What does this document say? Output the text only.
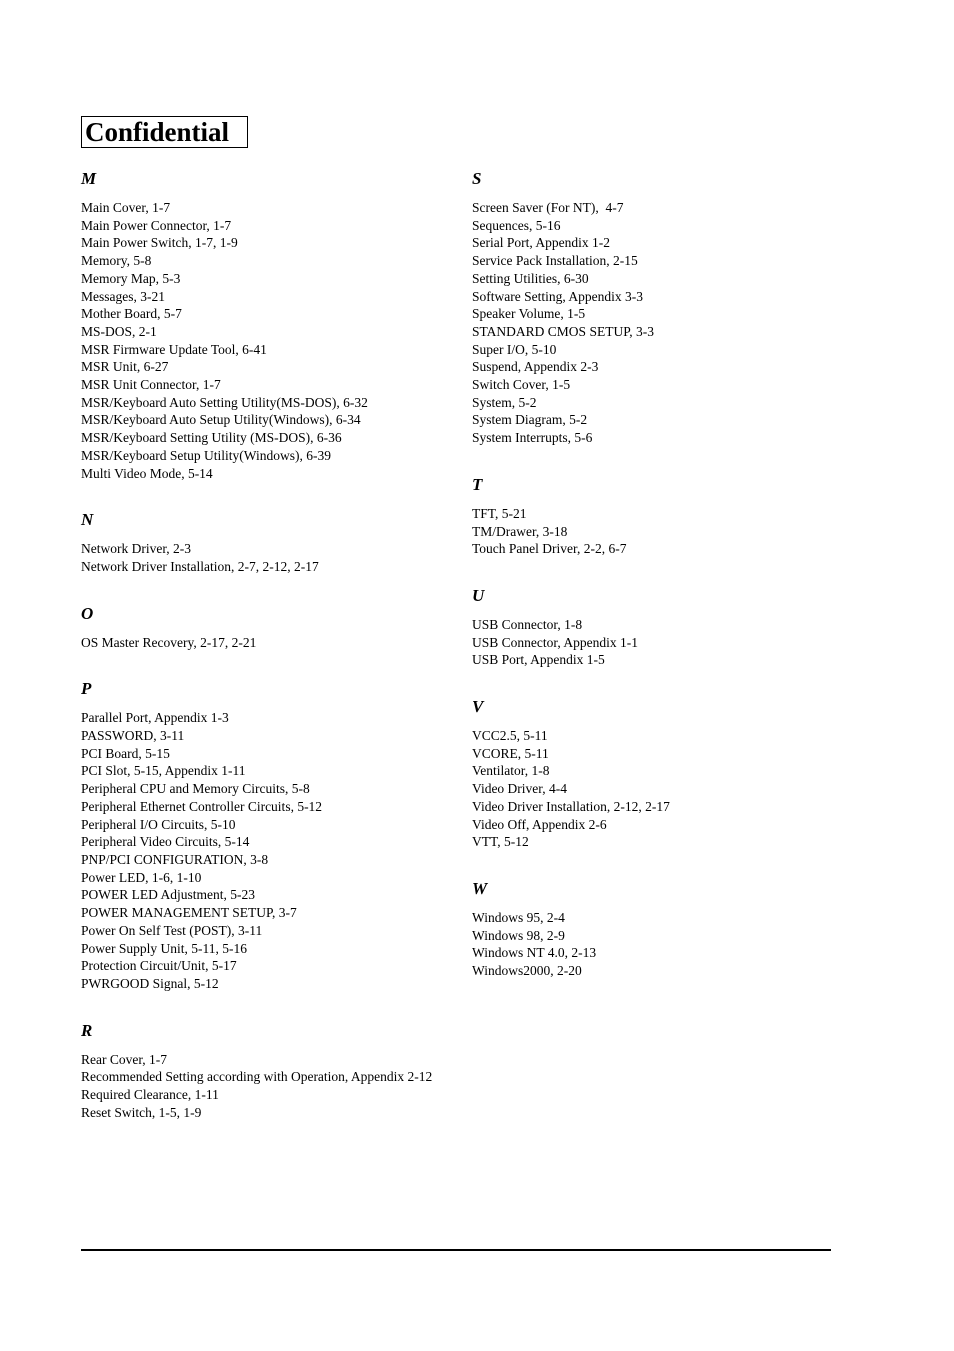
Confidential
M
Main Cover, 1-7
Main Power Connector, 1-7
Main Power Switch, 1-7, 1-9
Memory, 5-8
Memory Map, 5-3
Messages, 3-21
Mother Board, 5-7
MS-DOS, 2-1
MSR Firmware Update Tool, 6-41
MSR Unit, 6-27
MSR Unit Connector, 1-7
MSR/Keyboard Auto Setting Utility(MS-DOS), 6-32
MSR/Keyboard Auto Setup Utility(Windows), 6-34
MSR/Keyboard Setting Utility (MS-DOS), 6-36
MSR/Keyboard Setup Utility(Windows), 6-39
Multi Video Mode, 5-14
N
Network Driver, 2-3
Network Driver Installation, 2-7, 2-12, 2-17
O
OS Master Recovery, 2-17, 2-21
P
Parallel Port, Appendix 1-3
PASSWORD, 3-11
PCI Board, 5-15
PCI Slot, 5-15, Appendix 1-11
Peripheral CPU and Memory Circuits, 5-8
Peripheral Ethernet Controller Circuits, 5-12
Peripheral I/O Circuits, 5-10
Peripheral Video Circuits, 5-14
PNP/PCI CONFIGURATION, 3-8
Power LED, 1-6, 1-10
POWER LED Adjustment, 5-23
POWER MANAGEMENT SETUP, 3-7
Power On Self Test (POST), 3-11
Power Supply Unit, 5-11, 5-16
Protection Circuit/Unit, 5-17
PWRGOOD Signal, 5-12
R
Rear Cover, 1-7
Recommended Setting according with Operation, Appendix 2-12
Required Clearance, 1-11
Reset Switch, 1-5, 1-9
S
Screen Saver (For NT),  4-7
Sequences, 5-16
Serial Port, Appendix 1-2
Service Pack Installation, 2-15
Setting Utilities, 6-30
Software Setting, Appendix 3-3
Speaker Volume, 1-5
STANDARD CMOS SETUP, 3-3
Super I/O, 5-10
Suspend, Appendix 2-3
Switch Cover, 1-5
System, 5-2
System Diagram, 5-2
System Interrupts, 5-6
T
TFT, 5-21
TM/Drawer, 3-18
Touch Panel Driver, 2-2, 6-7
U
USB Connector, 1-8
USB Connector, Appendix 1-1
USB Port, Appendix 1-5
V
VCC2.5, 5-11
VCORE, 5-11
Ventilator, 1-8
Video Driver, 4-4
Video Driver Installation, 2-12, 2-17
Video Off, Appendix 2-6
VTT, 5-12
W
Windows 95, 2-4
Windows 98, 2-9
Windows NT 4.0, 2-13
Windows2000, 2-20
